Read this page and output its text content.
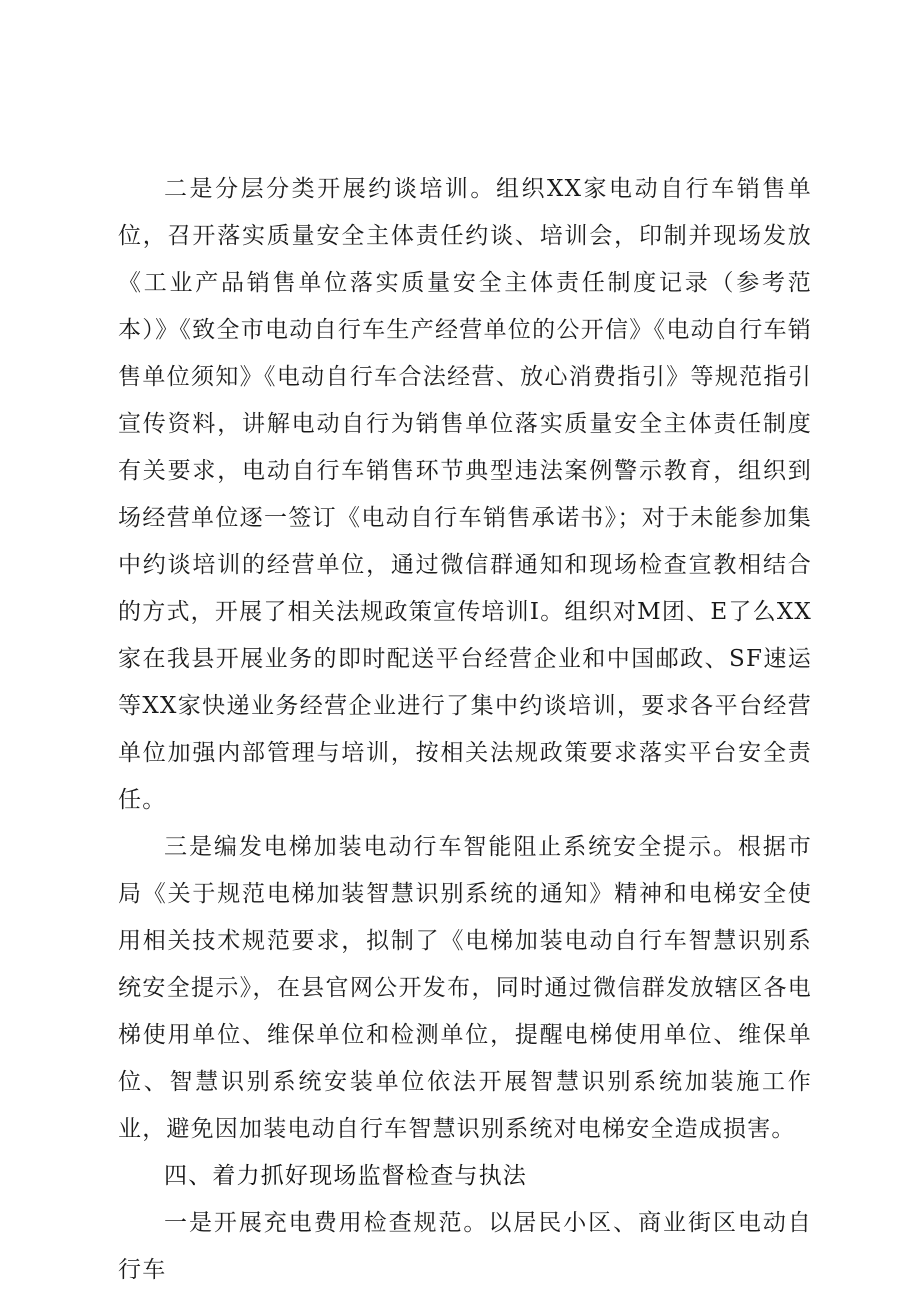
二是分层分类开展约谈培训。组织XX家电动自行车销售单位，召开落实质量安全主体责任约谈、培训会，印制并现场发放《工业产品销售单位落实质量安全主体责任制度记录（参考范本）》《致全市电动自行车生产经营单位的公开信》《电动自行车销售单位须知》《电动自行车合法经营、放心消费指引》等规范指引宣传资料，讲解电动自行为销售单位落实质量安全主体责任制度有关要求，电动自行车销售环节典型违法案例警示教育，组织到场经营单位逐一签订《电动自行车销售承诺书》；对于未能参加集中约谈培训的经营单位，通过微信群通知和现场检查宣教相结合的方式，开展了相关法规政策宣传培训I。组织对M团、E了么XX家在我县开展业务的即时配送平台经营企业和中国邮政、SF速运等XX家快递业务经营企业进行了集中约谈培训，要求各平台经营单位加强内部管理与培训，按相关法规政策要求落实平台安全责任。

三是编发电梯加装电动行车智能阻止系统安全提示。根据市局《关于规范电梯加装智慧识别系统的通知》精神和电梯安全使用相关技术规范要求，拟制了《电梯加装电动自行车智慧识别系统安全提示》，在县官网公开发布，同时通过微信群发放辖区各电梯使用单位、维保单位和检测单位，提醒电梯使用单位、维保单位、智慧识别系统安装单位依法开展智慧识别系统加装施工作业，避免因加装电动自行车智慧识别系统对电梯安全造成损害。

四、着力抓好现场监督检查与执法

一是开展充电费用检查规范。以居民小区、商业街区电动自行车
